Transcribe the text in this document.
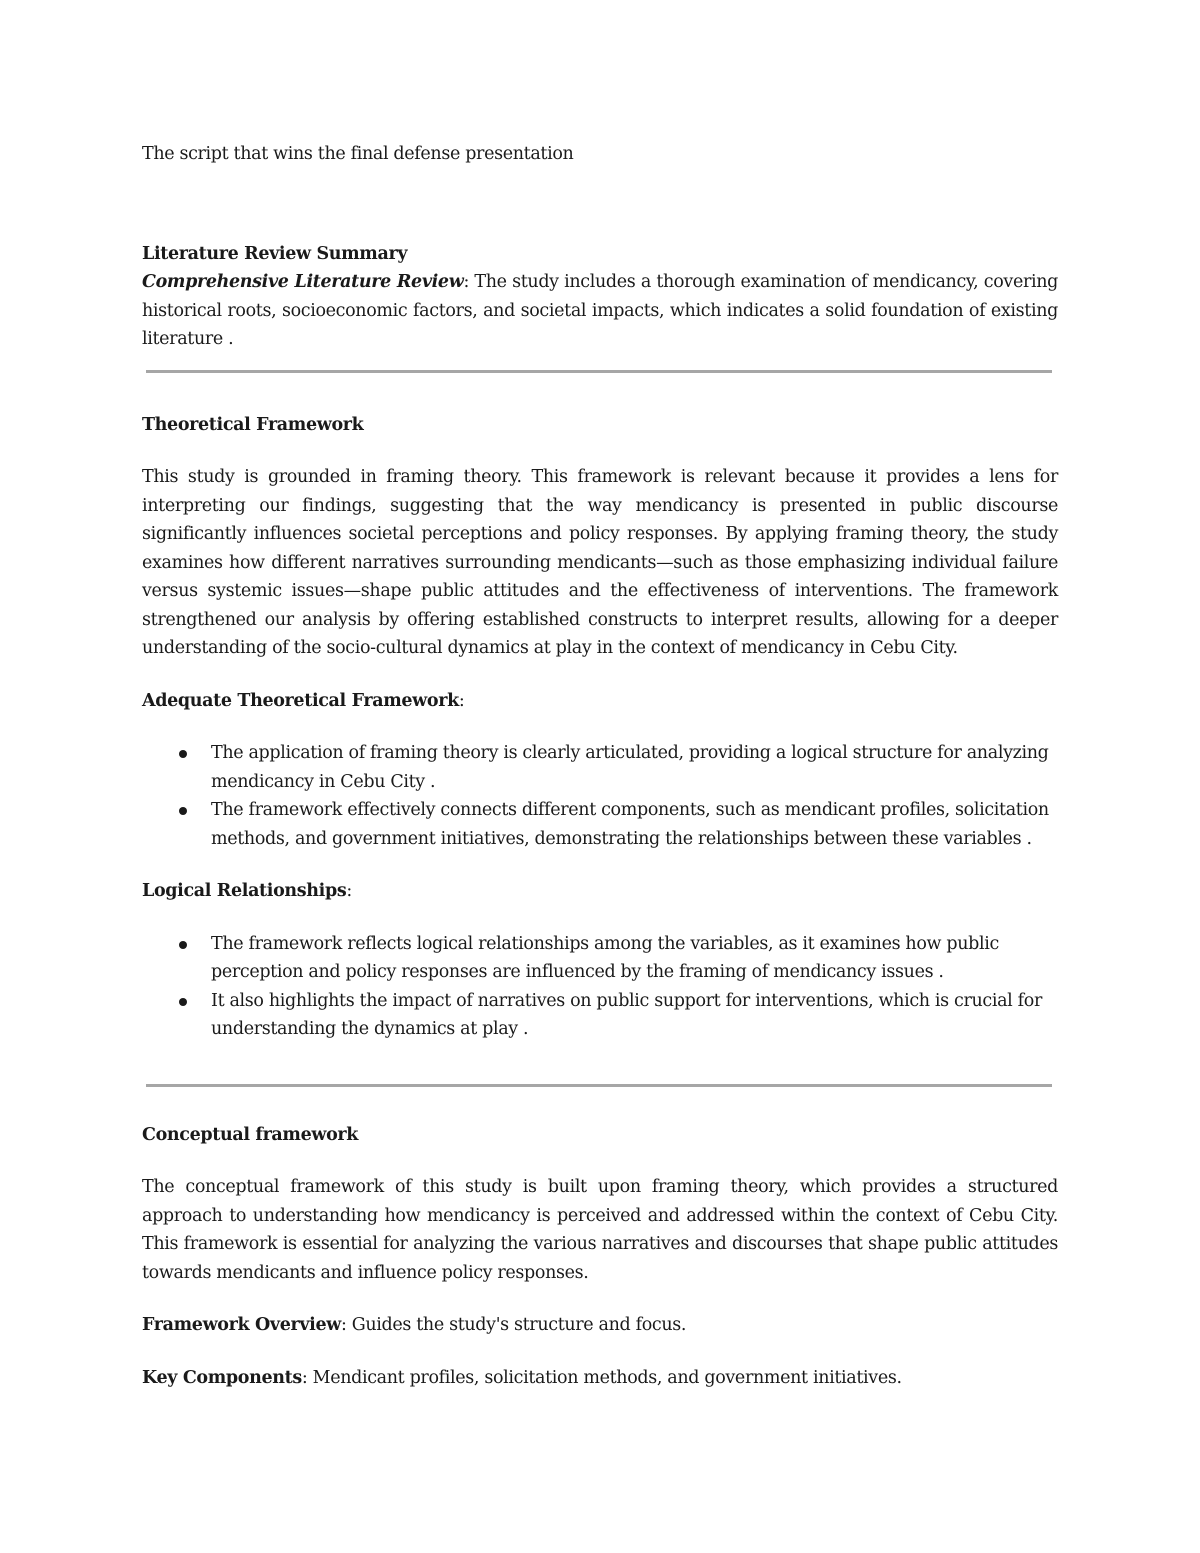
The script that wins the final defense presentation

Literature Review Summary

Comprehensive Literature Review: The study includes a thorough examination of mendicancy, covering historical roots, socioeconomic factors, and societal impacts, which indicates a solid foundation of existing literature .

Theoretical Framework

This study is grounded in framing theory. This framework is relevant because it provides a lens for interpreting our findings, suggesting that the way mendicancy is presented in public discourse significantly influences societal perceptions and policy responses. By applying framing theory, the study examines how different narratives surrounding mendicants—such as those emphasizing individual failure versus systemic issues—shape public attitudes and the effectiveness of interventions. The framework strengthened our analysis by offering established constructs to interpret results, allowing for a deeper understanding of the socio-cultural dynamics at play in the context of mendicancy in Cebu City.

Adequate Theoretical Framework:

The application of framing theory is clearly articulated, providing a logical structure for analyzing mendicancy in Cebu City .
The framework effectively connects different components, such as mendicant profiles, solicitation methods, and government initiatives, demonstrating the relationships between these variables .

Logical Relationships:

The framework reflects logical relationships among the variables, as it examines how public perception and policy responses are influenced by the framing of mendicancy issues .
It also highlights the impact of narratives on public support for interventions, which is crucial for understanding the dynamics at play .

Conceptual framework

The conceptual framework of this study is built upon framing theory, which provides a structured approach to understanding how mendicancy is perceived and addressed within the context of Cebu City. This framework is essential for analyzing the various narratives and discourses that shape public attitudes towards mendicants and influence policy responses.

Framework Overview: Guides the study's structure and focus.

Key Components: Mendicant profiles, solicitation methods, and government initiatives.
